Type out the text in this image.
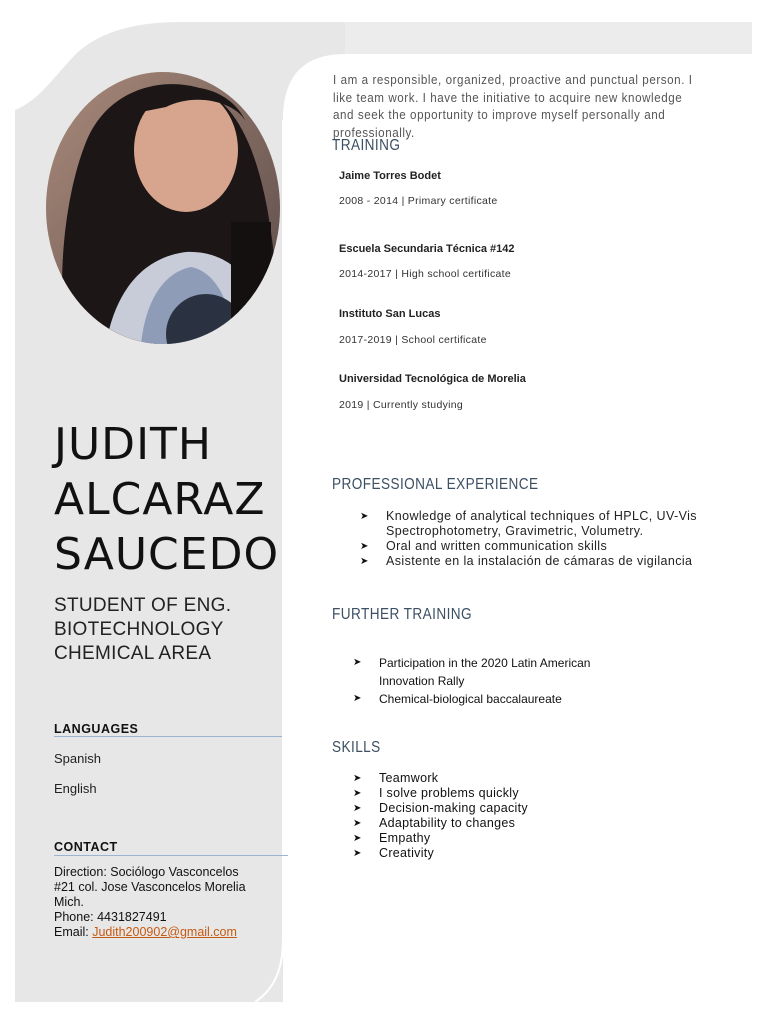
JUDITH
ALCARAZ
SAUCEDO
STUDENT OF ENG.
BIOTECHNOLOGY
CHEMICAL AREA
LANGUAGES
Spanish
English
CONTACT
Direction: Sociólogo Vasconcelos
#21 col. Jose Vasconcelos Morelia
Mich.
Phone: 4431827491
Email: Judith200902@gmail.com
I am a responsible, organized, proactive and punctual person. I like team work. I have the initiative to acquire new knowledge and seek the opportunity to improve myself personally and professionally.
TRAINING
Jaime Torres Bodet
2008 - 2014 | Primary certificate
Escuela Secundaria Técnica #142
2014-2017 | High school certificate
Instituto San Lucas
2017-2019 | School certificate
Universidad Tecnológica de Morelia
2019 | Currently studying
PROFESSIONAL EXPERIENCE
➤ Knowledge of analytical techniques of HPLC, UV-Vis Spectrophotometry, Gravimetric, Volumetry.
➤ Oral and written communication skills
➤ Asistente en la instalación de cámaras de vigilancia
FURTHER TRAINING
➤ Participation in the 2020 Latin American Innovation Rally
➤ Chemical-biological baccalaureate
SKILLS
➤ Teamwork
➤ I solve problems quickly
➤ Decision-making capacity
➤ Adaptability to changes
➤ Empathy
➤ Creativity
